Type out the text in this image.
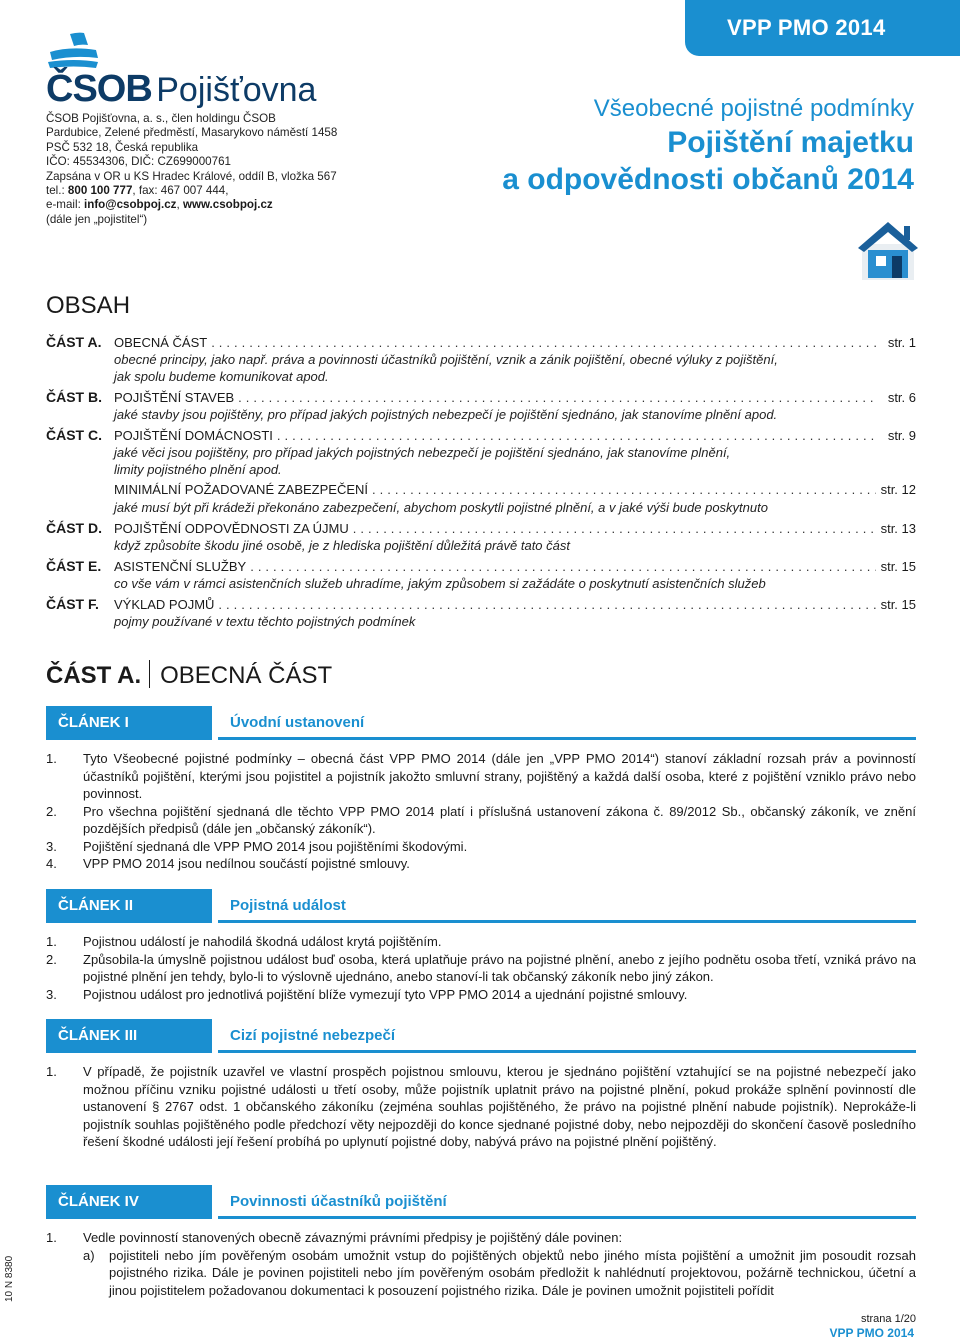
VPP PMO 2014
ČSOB Pojišťovna
ČSOB Pojišťovna, a. s., člen holdingu ČSOB
Pardubice, Zelené předměstí, Masarykovo náměstí 1458
PSČ 532 18, Česká republika
IČO: 45534306, DIČ: CZ699000761
Zapsána v OR u KS Hradec Králové, oddíl B, vložka 567
tel.: 800 100 777, fax: 467 007 444,
e-mail: info@csobpoj.cz, www.csobpoj.cz
(dále jen „pojistitel“)
Všeobecné pojistné podmínky
Pojištění majetku
a odpovědnosti občanů 2014
OBSAH
ČÁST A. OBECNÁ ČÁST .....	str. 1
obecné principy, jako např. práva a povinnosti účastníků pojištění, vznik a zánik pojištění, obecné výluky z pojištění,
jak spolu budeme komunikovat apod.
ČÁST B. POJIŠTĚNÍ STAVEB .....	str. 6
jaké stavby jsou pojištěny, pro případ jakých pojistných nebezpečí je pojištění sjednáno, jak stanovíme plnění apod.
ČÁST C. POJIŠTĚNÍ DOMÁCNOSTI .....	str. 9
jaké věci jsou pojištěny, pro případ jakých pojistných nebezpečí je pojištění sjednáno, jak stanovíme plnění,
limity pojistného plnění apod.
MINIMÁLNÍ POŽADOVANÉ ZABEZPEČENÍ .....	str. 12
jaké musí být při krádeži překonáno zabezpečení, abychom poskytli pojistné plnění, a v jaké výši bude poskytnuto
ČÁST D. POJIŠTĚNÍ ODPOVĚDNOSTI ZA ÚJMU .....	str. 13
když způsobíte škodu jiné osobě, je z hlediska pojištění důležitá právě tato část
ČÁST E. ASISTENČNÍ SLUŽBY .....	str. 15
co vše vám v rámci asistenčních služeb uhradíme, jakým způsobem si zažádáte o poskytnutí asistenčních služeb
ČÁST F.	VÝKLAD POJMŮ .....	str. 15
pojmy používané v textu těchto pojistných podmínek
ČÁST A. OBECNÁ ČÁST
ČLÁNEK I	Úvodní ustanovení
1.	Tyto Všeobecné pojistné podmínky – obecná část VPP PMO 2014 (dále jen „VPP PMO 2014“) stanoví základní rozsah práv a povinností účastníků pojištění, kterými jsou pojistitel a pojistník jakožto smluvní strany, pojištěný a každá další osoba, které z pojištění vzniklo právo nebo povinnost.
2.	Pro všechna pojištění sjednaná dle těchto VPP PMO 2014 platí i příslušná ustanovení zákona č. 89/2012 Sb., občanský zákoník, ve znění pozdějších předpisů (dále jen „občanský zákoník“).
3.	Pojištění sjednaná dle VPP PMO 2014 jsou pojištěními škodovými.
4.	VPP PMO 2014 jsou nedílnou součástí pojistné smlouvy.
ČLÁNEK II	Pojistná událost
1.	Pojistnou událostí je nahodilá škodná událost krytá pojištěním.
2.	Způsobila-la úmyslně pojistnou událost buď osoba, která uplatňuje právo na pojistné plnění, anebo z jejího podnětu osoba třetí, vzniká právo na pojistné plnění jen tehdy, bylo-li to výslovně ujednáno, anebo stanoví-li tak občanský zákoník nebo jiný zákon.
3.	Pojistnou událost pro jednotlivá pojištění blíže vymezují tyto VPP PMO 2014 a ujednání pojistné smlouvy.
ČLÁNEK III	Cizí pojistné nebezpečí
1.	V případě, že pojistník uzavřel ve vlastní prospěch pojistnou smlouvu, kterou je sjednáno pojištění vztahující se na pojistné nebezpečí jako možnou příčinu vzniku pojistné události u třetí osoby, může pojistník uplatnit právo na pojistné plnění, pokud prokáže splnění povinností dle ustanovení § 2767 odst. 1 občanského zákoníku (zejména souhlas pojištěného, že právo na pojistné plnění nabude pojistník). Neprokáže-li pojistník souhlas pojištěného podle předchozí věty nejpozději do konce sjednané pojistné doby, nebo nejpozději do skončení časově posledního řešení škodné události její řešení probíhá po uplynutí pojistné doby, nabývá právo na pojistné plnění pojištěný.
ČLÁNEK IV	Povinnosti účastníků pojištění
1.	Vedle povinností stanovených obecně závaznými právními předpisy je pojištěný dále povinen:
a)	pojistiteli nebo jím pověřeným osobám umožnit vstup do pojištěných objektů nebo jiného místa pojištění a umožnit jim posoudit rozsah pojistného rizika. Dále je povinen pojistiteli nebo jím pověřeným osobám předložit k nahlédnutí projektovou, požárně technickou, účetní a jinou pojistitelem požadovanou dokumentaci k posouzení pojistného rizika. Dále je povinen umožnit pojistiteli pořídit
10 N 8380
strana 1/20
VPP PMO 2014
